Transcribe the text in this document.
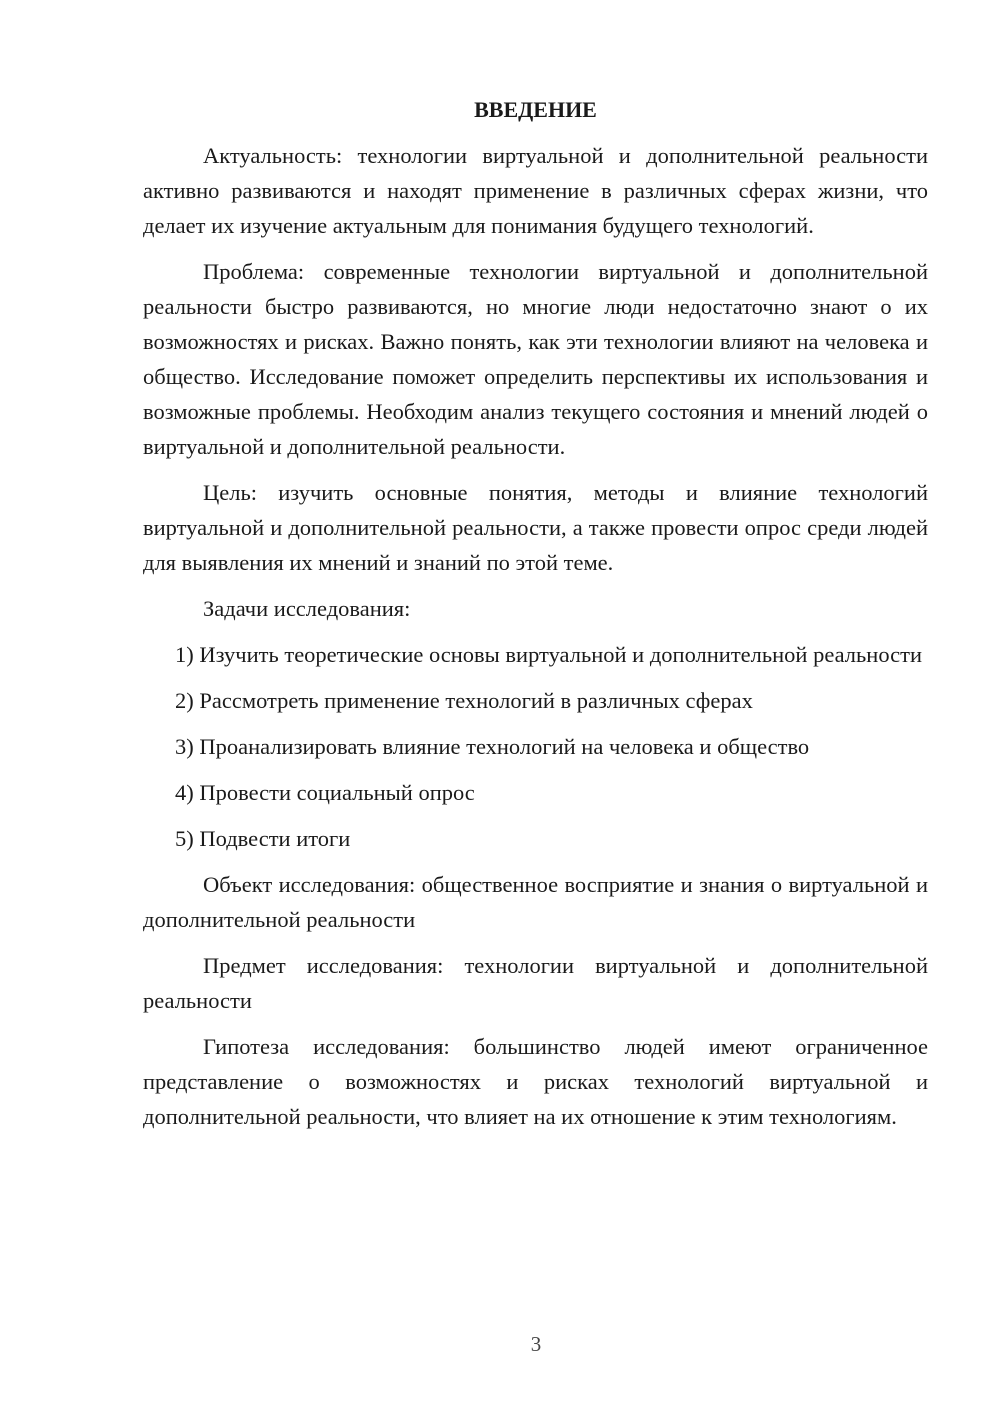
ВВЕДЕНИЕ

Актуальность: технологии виртуальной и дополнительной реальности активно развиваются и находят применение в различных сферах жизни, что делает их изучение актуальным для понимания будущего технологий.

Проблема: современные технологии виртуальной и дополнительной реальности быстро развиваются, но многие люди недостаточно знают о их возможностях и рисках. Важно понять, как эти технологии влияют на человека и общество. Исследование поможет определить перспективы их использования и возможные проблемы. Необходим анализ текущего состояния и мнений людей о виртуальной и дополнительной реальности.

Цель: изучить основные понятия, методы и влияние технологий виртуальной и дополнительной реальности, а также провести опрос среди людей для выявления их мнений и знаний по этой теме.

Задачи исследования:

1) Изучить теоретические основы виртуальной и дополнительной реальности

2) Рассмотреть применение технологий в различных сферах

3) Проанализировать влияние технологий на человека и общество

4) Провести социальный опрос

5) Подвести итоги

Объект исследования: общественное восприятие и знания о виртуальной и дополнительной реальности

Предмет исследования: технологии виртуальной и дополнительной реальности

Гипотеза исследования: большинство людей имеют ограниченное представление о возможностях и рисках технологий виртуальной и дополнительной реальности, что влияет на их отношение к этим технологиям.

3
